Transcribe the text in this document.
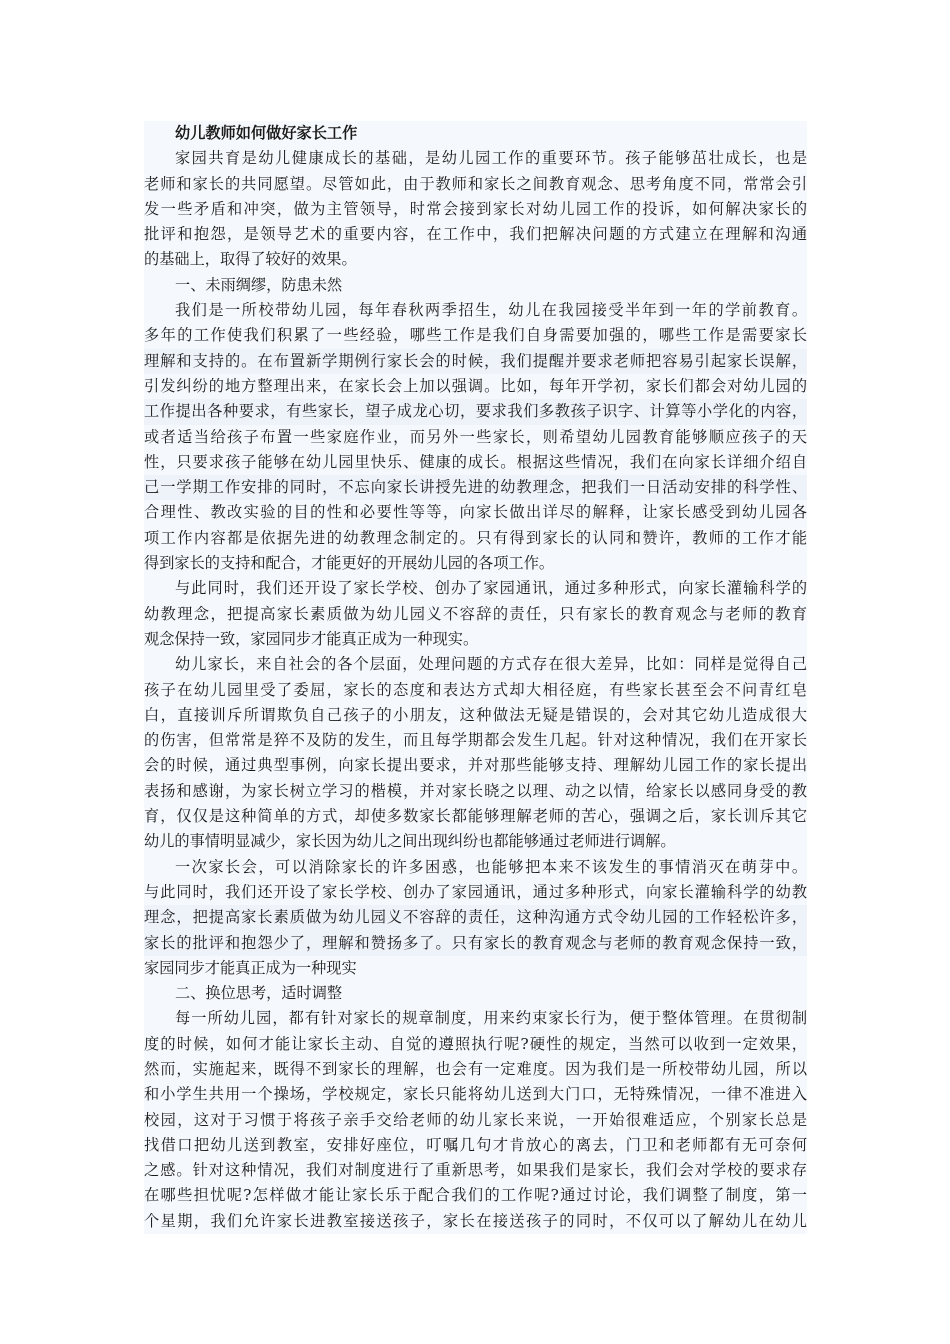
幼儿教师如何做好家长工作
家园共育是幼儿健康成长的基础，是幼儿园工作的重要环节。孩子能够茁壮成长，也是
老师和家长的共同愿望。尽管如此，由于教师和家长之间教育观念、思考角度不同，常常会引
发一些矛盾和冲突，做为主管领导，时常会接到家长对幼儿园工作的投诉，如何解决家长的
批评和抱怨，是领导艺术的重要内容，在工作中，我们把解决问题的方式建立在理解和沟通
的基础上，取得了较好的效果。
一、未雨绸缪，防患未然
我们是一所校带幼儿园，每年春秋两季招生，幼儿在我园接受半年到一年的学前教育。
多年的工作使我们积累了一些经验，哪些工作是我们自身需要加强的，哪些工作是需要家长
理解和支持的。在布置新学期例行家长会的时候，我们提醒并要求老师把容易引起家长误解，
引发纠纷的地方整理出来，在家长会上加以强调。比如，每年开学初，家长们都会对幼儿园的
工作提出各种要求，有些家长，望子成龙心切，要求我们多教孩子识字、计算等小学化的内容，
或者适当给孩子布置一些家庭作业，而另外一些家长，则希望幼儿园教育能够顺应孩子的天
性，只要求孩子能够在幼儿园里快乐、健康的成长。根据这些情况，我们在向家长详细介绍自
己一学期工作安排的同时，不忘向家长讲授先进的幼教理念，把我们一日活动安排的科学性、
合理性、教改实验的目的性和必要性等等，向家长做出详尽的解释，让家长感受到幼儿园各
项工作内容都是依据先进的幼教理念制定的。只有得到家长的认同和赞许，教师的工作才能
得到家长的支持和配合，才能更好的开展幼儿园的各项工作。
与此同时，我们还开设了家长学校、创办了家园通讯，通过多种形式，向家长灌输科学的
幼教理念，把提高家长素质做为幼儿园义不容辞的责任，只有家长的教育观念与老师的教育
观念保持一致，家园同步才能真正成为一种现实。
幼儿家长，来自社会的各个层面，处理问题的方式存在很大差异，比如：同样是觉得自己
孩子在幼儿园里受了委屈，家长的态度和表达方式却大相径庭，有些家长甚至会不问青红皂
白，直接训斥所谓欺负自己孩子的小朋友，这种做法无疑是错误的，会对其它幼儿造成很大
的伤害，但常常是猝不及防的发生，而且每学期都会发生几起。针对这种情况，我们在开家长
会的时候，通过典型事例，向家长提出要求，并对那些能够支持、理解幼儿园工作的家长提出
表扬和感谢，为家长树立学习的楷模，并对家长晓之以理、动之以情，给家长以感同身受的教
育，仅仅是这种简单的方式，却使多数家长都能够理解老师的苦心，强调之后，家长训斥其它
幼儿的事情明显减少，家长因为幼儿之间出现纠纷也都能够通过老师进行调解。
一次家长会，可以消除家长的许多困惑，也能够把本来不该发生的事情消灭在萌芽中。
与此同时，我们还开设了家长学校、创办了家园通讯，通过多种形式，向家长灌输科学的幼教
理念，把提高家长素质做为幼儿园义不容辞的责任，这种沟通方式令幼儿园的工作轻松许多，
家长的批评和抱怨少了，理解和赞扬多了。只有家长的教育观念与老师的教育观念保持一致，
家园同步才能真正成为一种现实
二、换位思考，适时调整
每一所幼儿园，都有针对家长的规章制度，用来约束家长行为，便于整体管理。在贯彻制
度的时候，如何才能让家长主动、自觉的遵照执行呢?硬性的规定，当然可以收到一定效果，
然而，实施起来，既得不到家长的理解，也会有一定难度。因为我们是一所校带幼儿园，所以
和小学生共用一个操场，学校规定，家长只能将幼儿送到大门口，无特殊情况，一律不准进入
校园，这对于习惯于将孩子亲手交给老师的幼儿家长来说，一开始很难适应，个别家长总是
找借口把幼儿送到教室，安排好座位，叮嘱几句才肯放心的离去，门卫和老师都有无可奈何
之感。针对这种情况，我们对制度进行了重新思考，如果我们是家长，我们会对学校的要求存
在哪些担忧呢?怎样做才能让家长乐于配合我们的工作呢?通过讨论，我们调整了制度，第一
个星期，我们允许家长进教室接送孩子，家长在接送孩子的同时，不仅可以了解幼儿在幼儿
